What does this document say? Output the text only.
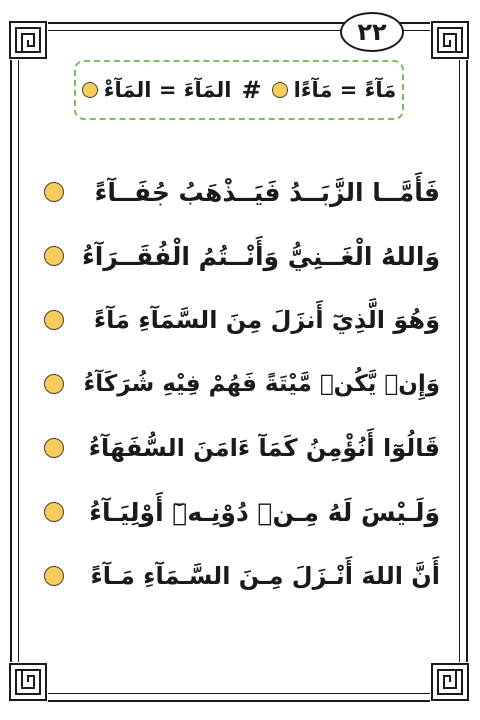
٢٢
مَآءً = مَآءًا
#
المَآءَ = المَآءْ
فَأَمَّــا الزَّبَــدُ فَيَــذْهَبُ جُفَــآءً
وَاللهُ الْغَــنِيُّ وَأَنْــتُمُ الْفُقَــرَآءُ
وَهُوَ الَّذِيٓ أَنزَلَ مِنَ السَّمَآءِ مَآءً
وَإِنۢ يَّكُنۢ مَّيْتَةً فَهُمْ فِيْهِ شُرَكَآءُ
قَالُوٓا أَنُؤْمِنُ كَمَآ ءَامَنَ السُّفَهَآءُ
وَلَـيْسَ لَهُ مِـنۢ دُوْنِـهٖٓ أَوْلِيَـآءُ
أَنَّ اللهَ أَنْـزَلَ مِـنَ السَّـمَآءِ مَـآءً
